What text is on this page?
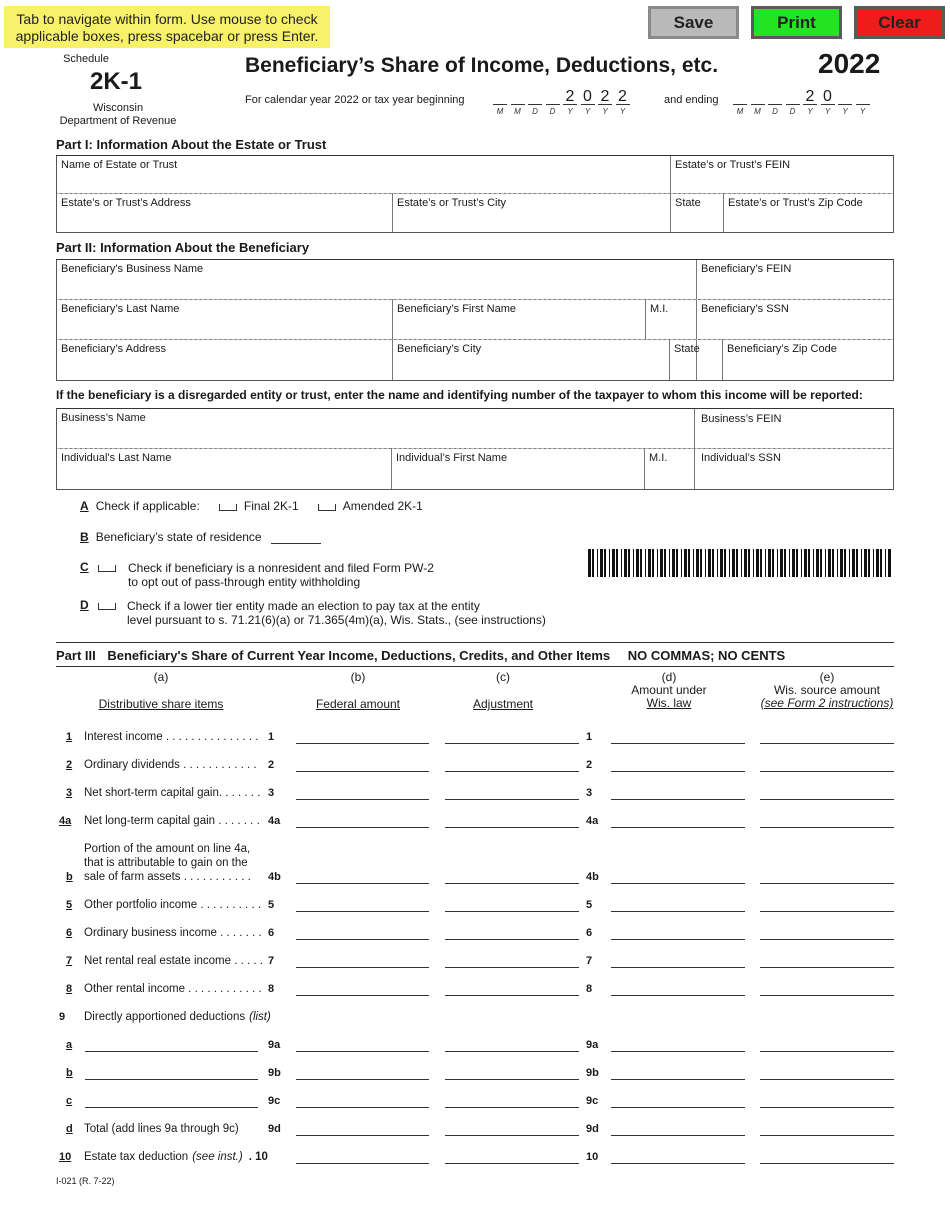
Tab to navigate within form. Use mouse to check applicable boxes, press spacebar or press Enter.
Save	Print	Clear
Schedule
2K-1
Wisconsin
Department of Revenue
Beneficiary’s Share of Income, Deductions, etc.	2022
For calendar year 2022 or tax year beginning	and ending
M	M	D	D
2
Y
0
Y
2
Y
2
Y	M	M	D	D
2
Y
0
Y	Y	Y
Part I: Information About the Estate or Trust
Name of Estate or Trust	Estate’s or Trust’s FEIN
Estate’s or Trust’s Address	Estate’s or Trust’s City	State	Estate’s or Trust’s Zip Code
Part II: Information About the Beneficiary
Beneficiary's Business Name	Beneficiary’s FEIN
Beneficiary’s Last Name	Beneficiary’s First Name	M.I.	Beneficiary’s SSN
Beneficiary’s Address	Beneficiary’s City	State	Beneficiary’s Zip Code
If the beneficiary is a disregarded entity or trust, enter the name and identifying number of the taxpayer to whom this income will be reported:
Business’s Name	Business’s FEIN
Individual's Last Name	Individual’s First Name	M.I.	Individual’s SSN
A Check if applicable:	Final 2K-1	Amended 2K-1
B Beneficiary’s state of residence
C	Check if beneficiary is a nonresident and filed Form PW-2
to opt out of pass-through entity withholding
D	Check if a lower tier entity made an election to pay tax at the entity
level pursuant to s. 71.21(6)(a) or 71.365(4m)(a), Wis. Stats., (see instructions)
Part III Beneficiary's Share of Current Year Income, Deductions, Credits, and Other Items NO COMMAS; NO CENTS
(a)
Distributive share items
(b)
Federal amount
(c)
Adjustment
(d)
Amount under
Wis. law
(e)
Wis. source amount
(see Form 2 instructions)
1 Interest income . . . . . . . . . . . . . . . 1	1
2 Ordinary dividends . . . . . . . . . . . . 2	2
3 Net short-term capital gain. . . . . . . 3	3
4a Net long-term capital gain . . . . . . . 4a	4a
b
Portion of the amount on line 4a,
that is attributable to gain on the
sale of farm assets . . . . . . . . . . . 4b	4b
5 Other portfolio income . . . . . . . . . . 5	5
6 Ordinary business income . . . . . . . 6	6
7 Net rental real estate income . . . . . 7	7
8 Other rental income . . . . . . . . . . . . 8	8
9 Directly apportioned deductions (list)
a	9a	9a
b	9b	9b
c	9c	9c
d Total (add lines 9a through 9c)	9d	9d
10 Estate tax deduction (see inst.) . 10	10
I-021 (R. 7-22)
